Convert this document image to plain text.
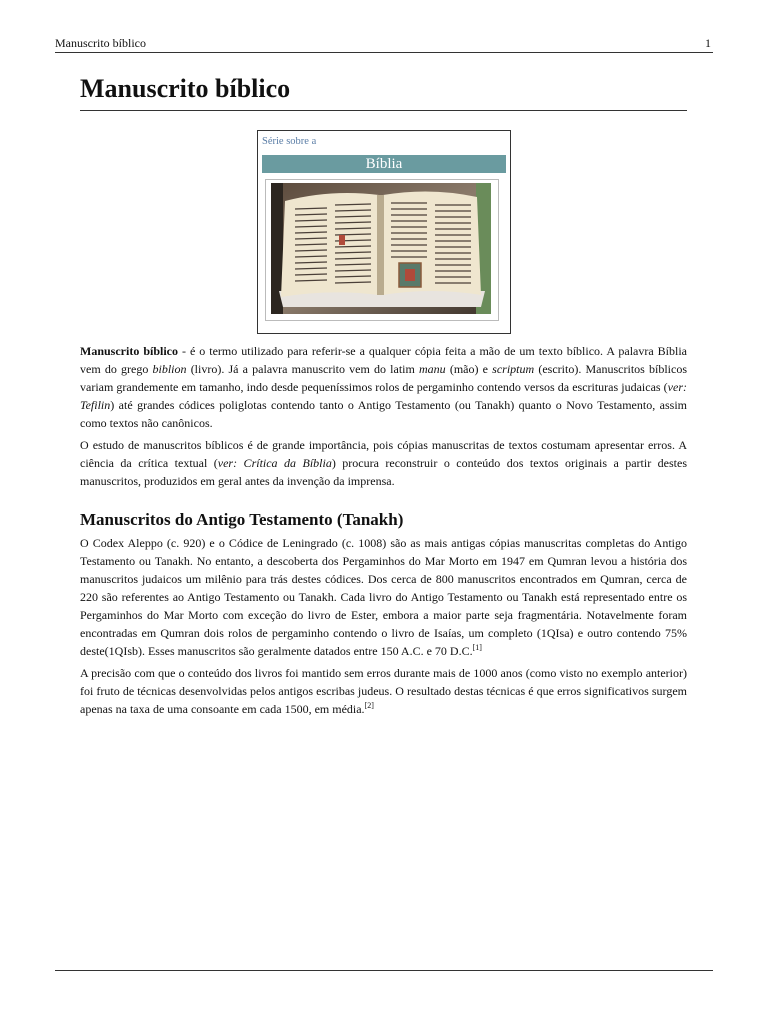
Manuscrito bíblico	1
Manuscrito bíblico
Série sobre a
Bíblia

Manuscrito bíblico - é o termo utilizado para referir-se a qualquer cópia feita a mão de um texto bíblico. A palavra Bíblia vem do grego biblion (livro). Já a palavra manuscrito vem do latim manu (mão) e scriptum (escrito). Manuscritos bíblicos variam grandemente em tamanho, indo desde pequeníssimos rolos de pergaminho contendo versos da escrituras judaicas (ver: Tefilin) até grandes códices poliglotas contendo tanto o Antigo Testamento (ou Tanakh) quanto o Novo Testamento, assim como textos não canônicos.

O estudo de manuscritos bíblicos é de grande importância, pois cópias manuscritas de textos costumam apresentar erros. A ciência da crítica textual (ver: Crítica da Bíblia) procura reconstruir o conteúdo dos textos originais a partir destes manuscritos, produzidos em geral antes da invenção da imprensa.

Manuscritos do Antigo Testamento (Tanakh)

O Codex Aleppo (c. 920) e o Códice de Leningrado (c. 1008) são as mais antigas cópias manuscritas completas do Antigo Testamento ou Tanakh. No entanto, a descoberta dos Pergaminhos do Mar Morto em 1947 em Qumran levou a história dos manuscritos judaicos um milênio para trás destes códices. Dos cerca de 800 manuscritos encontrados em Qumran, cerca de 220 são referentes ao Antigo Testamento ou Tanakh. Cada livro do Antigo Testamento ou Tanakh está representado entre os Pergaminhos do Mar Morto com exceção do livro de Ester, embora a maior parte seja fragmentária. Notavelmente foram encontradas em Qumran dois rolos de pergaminho contendo o livro de Isaías, um completo (1QIsa) e outro contendo 75% deste(1QIsb). Esses manuscritos são geralmente datados entre 150 A.C. e 70 D.C.[1]

A precisão com que o conteúdo dos livros foi mantido sem erros durante mais de 1000 anos (como visto no exemplo anterior) foi fruto de técnicas desenvolvidas pelos antigos escribas judeus. O resultado destas técnicas é que erros significativos surgem apenas na taxa de uma consoante em cada 1500, em média.[2]
